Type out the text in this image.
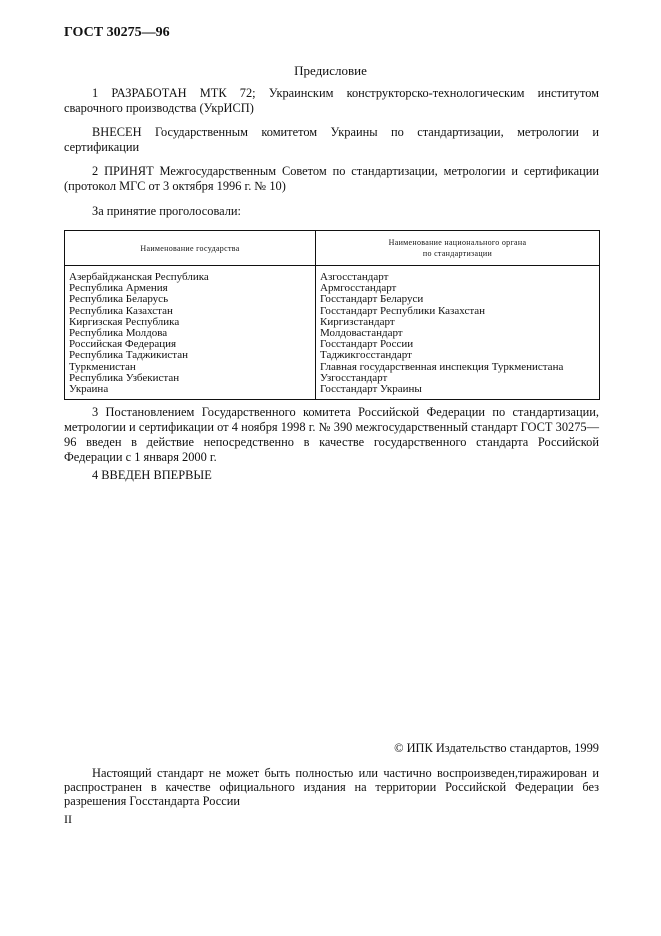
ГОСТ 30275—96
Предисловие
1 РАЗРАБОТАН МТК 72; Украинским конструкторско-технологическим институтом сварочного производства (УкрИСП)
ВНЕСЕН Государственным комитетом Украины по стандартизации, метрологии и сертификации
2 ПРИНЯТ Межгосударственным Советом по стандартизации, метрологии и сертификации (протокол МГС от 3 октября 1996 г. № 10)
За принятие проголосовали:
Наименование государства	Наименование национального органа
по стандартизации
Азербайджанская Республика	Азгосстандарт
Республика Армения	Армгосстандарт
Республика Беларусь	Госстандарт Беларуси
Республика Казахстан	Госстандарт Республики Казахстан
Киргизская Республика	Киргизстандарт
Республика Молдова	Молдовастандарт
Российская Федерация	Госстандарт России
Республика Таджикистан	Таджикгосстандарт
Туркменистан	Главная государственная инспекция Туркменистана
Республика Узбекистан	Узгосстандарт
Украина	Госстандарт Украины
3 Постановлением Государственного комитета Российской Федерации по стандартизации, метрологии и сертификации от 4 ноября 1998 г. № 390 межгосударственный стандарт ГОСТ 30275—96 введен в действие непосредственно в качестве государственного стандарта Российской Федерации с 1 января 2000 г.
4 ВВЕДЕН ВПЕРВЫЕ
© ИПК Издательство стандартов, 1999
Настоящий стандарт не может быть полностью или частично воспроизведен,тиражирован и распространен в качестве официального издания на территории Российской Федерации без разрешения Госстандарта России
II
